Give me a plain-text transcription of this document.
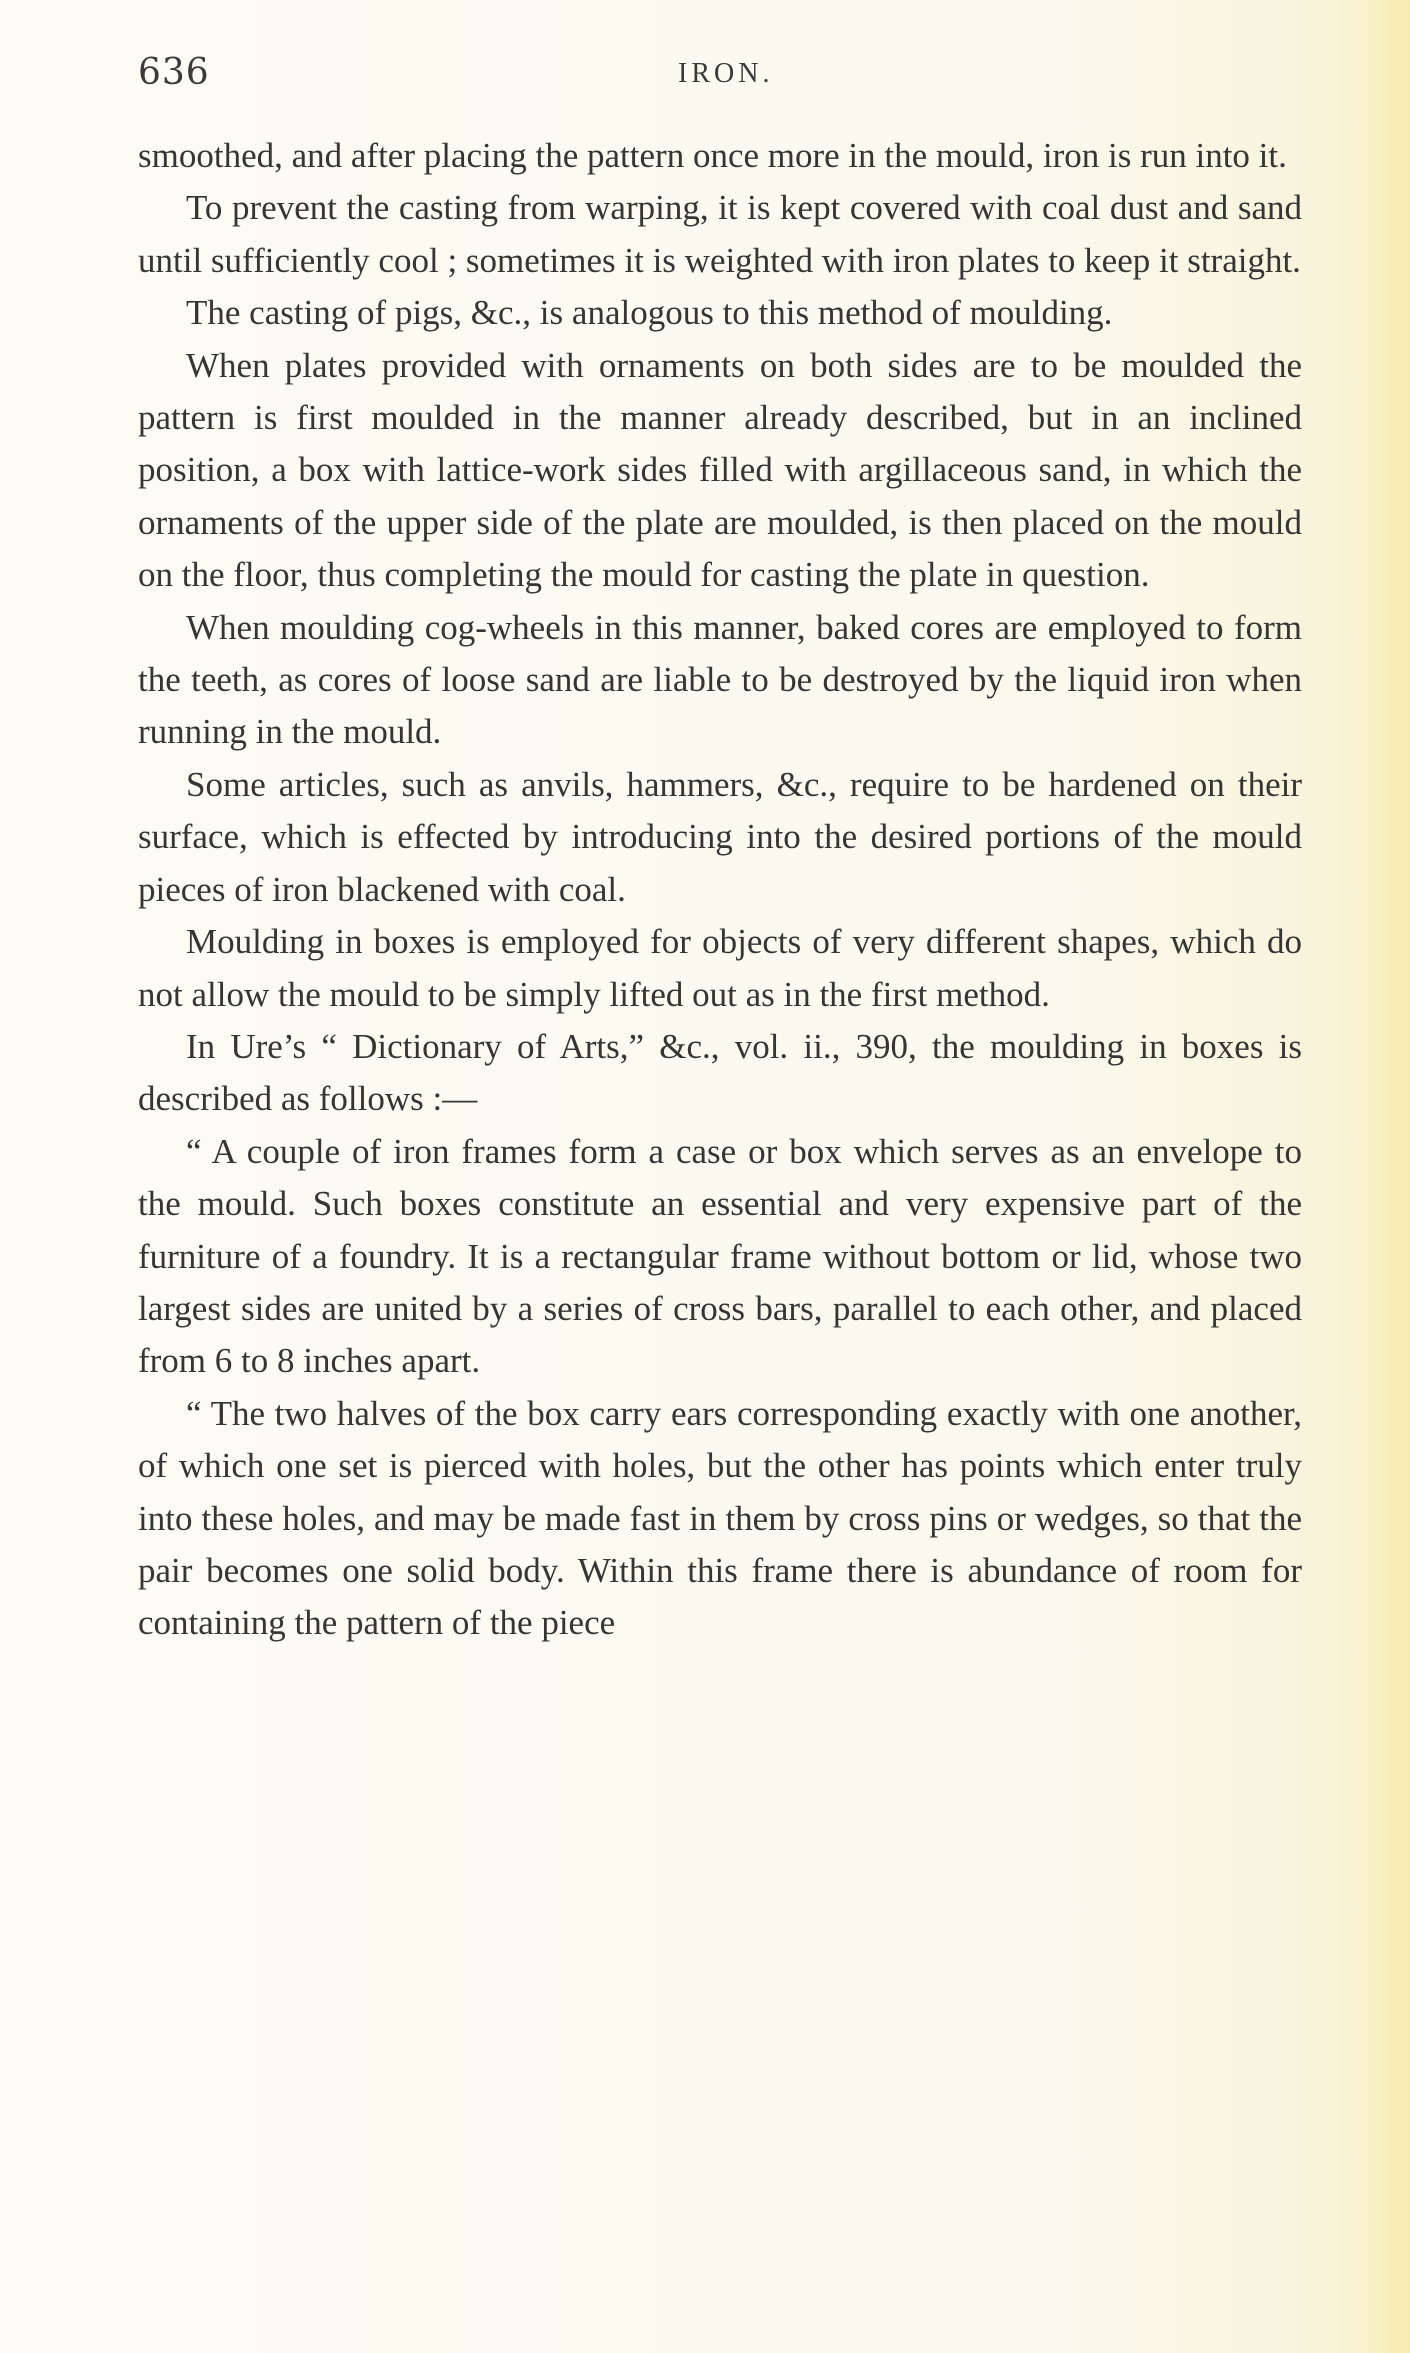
636	IRON.

smoothed, and after placing the pattern once more in the mould, iron is run into it.

To prevent the casting from warping, it is kept covered with coal dust and sand until sufficiently cool ; sometimes it is weighted with iron plates to keep it straight.

The casting of pigs, &c., is analogous to this method of moulding.

When plates provided with ornaments on both sides are to be moulded the pattern is first moulded in the manner already described, but in an inclined position, a box with lattice-work sides filled with argillaceous sand, in which the ornaments of the upper side of the plate are moulded, is then placed on the mould on the floor, thus completing the mould for casting the plate in question.

When moulding cog-wheels in this manner, baked cores are employed to form the teeth, as cores of loose sand are liable to be destroyed by the liquid iron when running in the mould.

Some articles, such as anvils, hammers, &c., require to be hardened on their surface, which is effected by introducing into the desired portions of the mould pieces of iron blackened with coal.

Moulding in boxes is employed for objects of very different shapes, which do not allow the mould to be simply lifted out as in the first method.

In Ure’s “ Dictionary of Arts,” &c., vol. ii., 390, the moulding in boxes is described as follows :—

“ A couple of iron frames form a case or box which serves as an envelope to the mould. Such boxes constitute an essential and very expensive part of the furniture of a foundry. It is a rectangular frame without bottom or lid, whose two largest sides are united by a series of cross bars, parallel to each other, and placed from 6 to 8 inches apart.

“ The two halves of the box carry ears corresponding exactly with one another, of which one set is pierced with holes, but the other has points which enter truly into these holes, and may be made fast in them by cross pins or wedges, so that the pair becomes one solid body. Within this frame there is abundance of room for containing the pattern of the piece
